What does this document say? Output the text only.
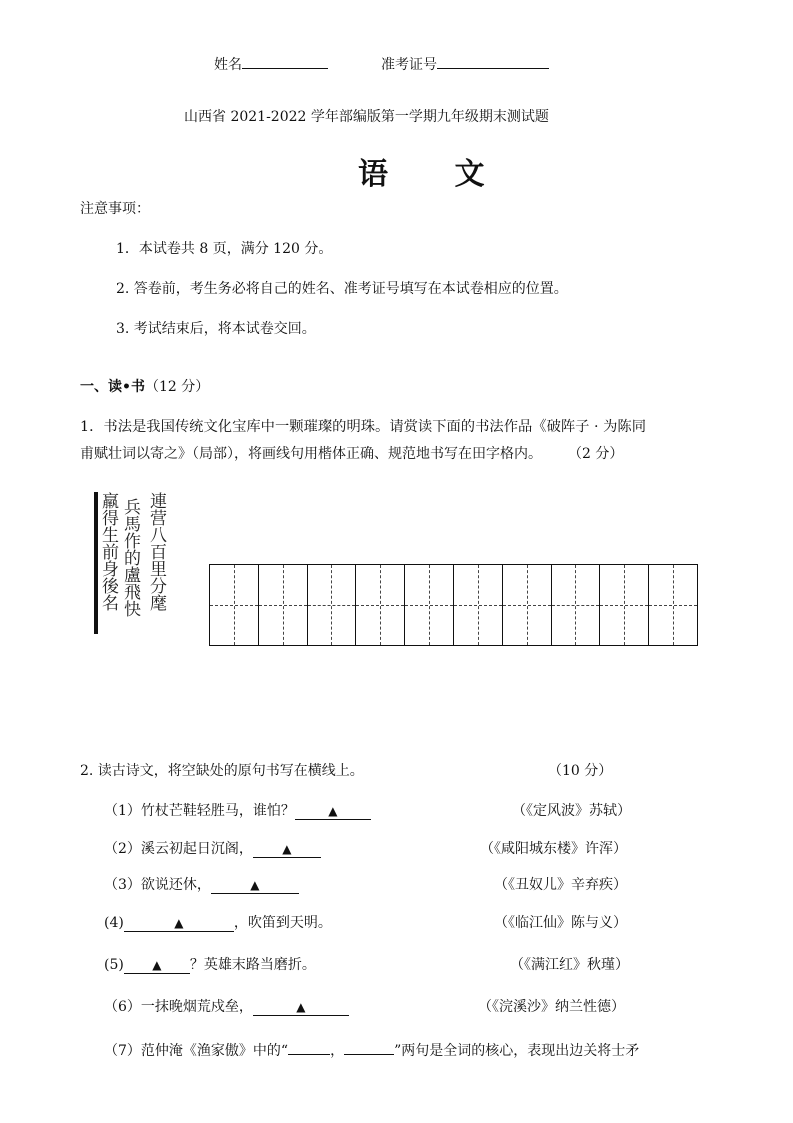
姓名	准考证号
山西省 2021-2022 学年部编版第一学期九年级期末测试题
语 文
注意事项：
1．本试卷共 8 页，满分 120 分。
2. 答卷前，考生务必将自己的姓名、准考证号填写在本试卷相应的位置。
3. 考试结束后，将本试卷交回。
一、读•书（12 分）
1．书法是我国传统文化宝库中一颗璀璨的明珠。请赏读下面的书法作品《破阵子 · 为陈同
甫赋壮词以寄之》（局部），将画线句用楷体正确、规范地书写在田字格内。 （2 分）
羸得生前身後名 兵馬作的盧飛快 連营八百里分麾
2. 读古诗文，将空缺处的原句书写在横线上。	（10 分）
（1）竹杖芒鞋轻胜马，谁怕？	▲	（《定风波》苏轼）
（2）溪云初起日沉阁， ▲	（《咸阳城东楼》许浑）
（3）欲说还休，	▲	（《丑奴儿》辛弃疾）
(4)	▲	，吹笛到天明。	（《临江仙》陈与义）
(5) ▲ ？英雄末路当磨折。	（《满江红》秋瑾）
（6）一抹晚烟荒戍垒，	▲	（《浣溪沙》纳兰性德）
（7）范仲淹《渔家傲》中的“	，	”两句是全词的核心，表现出边关将士矛
